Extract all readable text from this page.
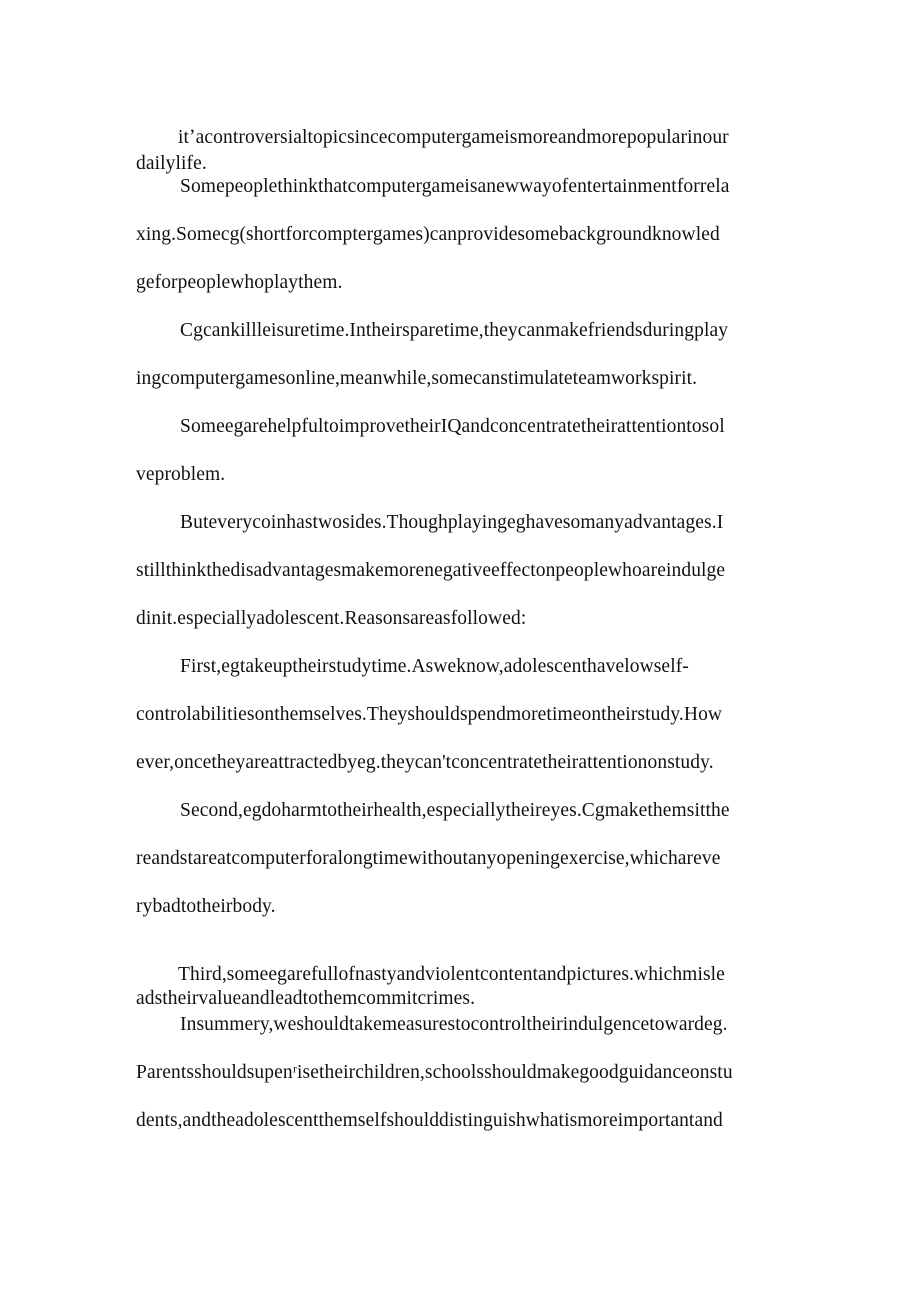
itʼacontroversialtopicsincecomputergameismoreandmorepopularinour
dailylife.
Somepeoplethinkthatcomputergameisanewwayofentertainmentforrela
xing.Somecg(shortforcomptergames)canprovidesomebackgroundknowled
geforpeoplewhoplaythem.
Cgcankillleisuretime.Intheirsparetime,theycanmakefriendsduringplay
ingcomputergamesonline,meanwhile,somecanstimulateteamworkspirit.
SomeegarehelpfultoimprovetheirIQandconcentratetheirattentiontosol
veproblem.
Buteverycoinhastwosides.Thoughplayingeghavesomanyadvantages.I
stillthinkthedisadvantagesmakemorenegativeeffectonpeoplewhoareindulge
dinit.especiallyadolescent.Reasonsareasfollowed:
First,egtakeuptheirstudytime.Asweknow,adolescenthavelowself-
controlabilitiesonthemselves.Theyshouldspendmoretimeontheirstudy.How
ever,oncetheyareattractedbyeg.theycan'tconcentratetheirattentiononstudy.
Second,egdoharmtotheirhealth,especiallytheireyes.Cgmakethemsitthe
reandstareatcomputerforalongtimewithoutanyopeningexercise,whichareve
rybadtotheirbody.
Third,someegarefullofnastyandviolentcontentandpictures.whichmisle
adstheirvalueandleadtothemcommitcrimes.
Insummery,weshouldtakemeasurestocontroltheirindulgencetowardeg.
Parentsshouldsupenʳisetheirchildren,schoolsshouldmakegoodguidanceonstu
dents,andtheadolescentthemselfshoulddistinguishwhatismoreimportantand
